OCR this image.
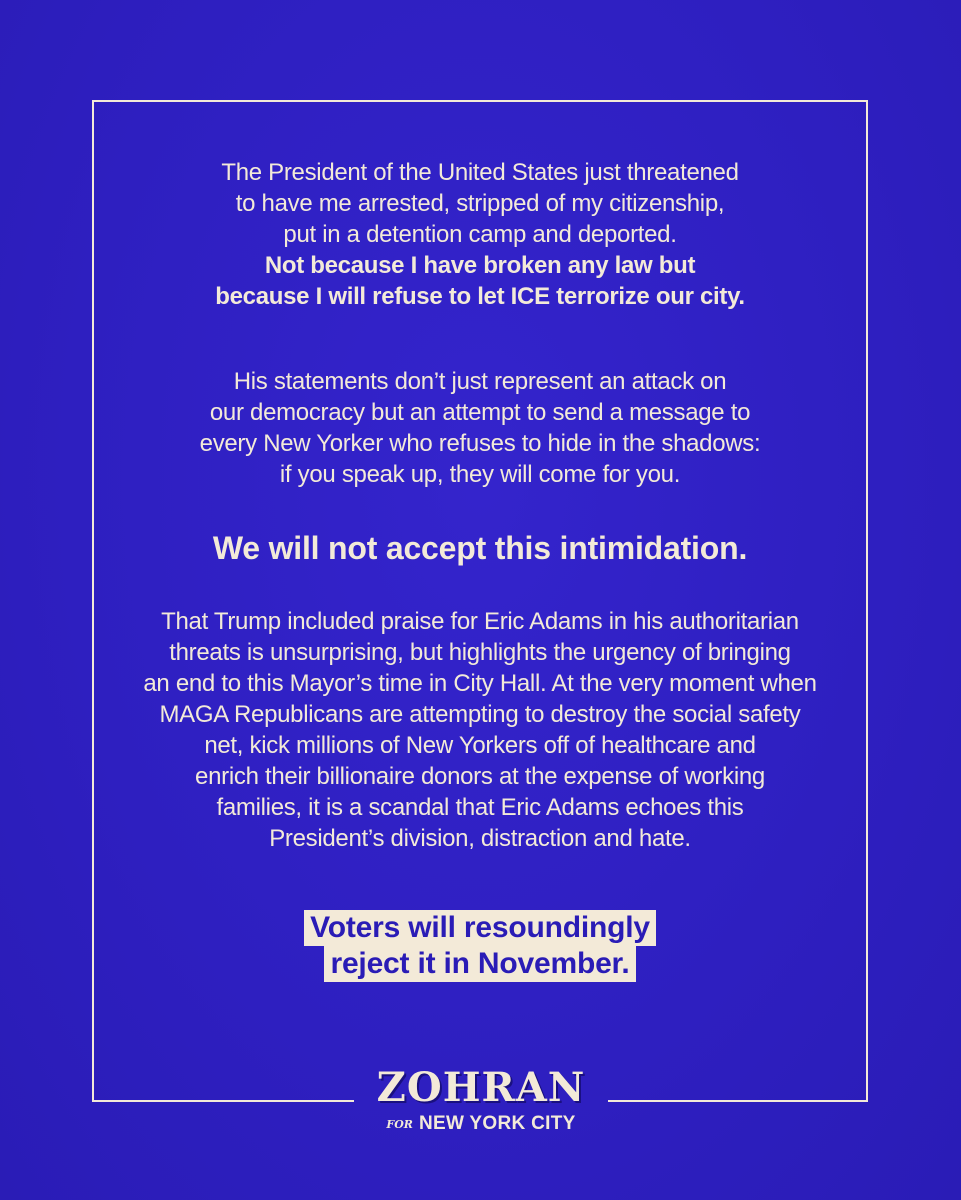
The President of the United States just threatened
to have me arrested, stripped of my citizenship,
put in a detention camp and deported.
Not because I have broken any law but
because I will refuse to let ICE terrorize our city.
His statements don’t just represent an attack on
our democracy but an attempt to send a message to
every New Yorker who refuses to hide in the shadows:
if you speak up, they will come for you.
We will not accept this intimidation.
That Trump included praise for Eric Adams in his authoritarian
threats is unsurprising, but highlights the urgency of bringing
an end to this Mayor’s time in City Hall. At the very moment when
MAGA Republicans are attempting to destroy the social safety
net, kick millions of New Yorkers off of healthcare and
enrich their billionaire donors at the expense of working
families, it is a scandal that Eric Adams echoes this
President’s division, distraction and hate.
Voters will resoundingly
reject it in November.
ZOHRAN
FOR NEW YORK CITY
